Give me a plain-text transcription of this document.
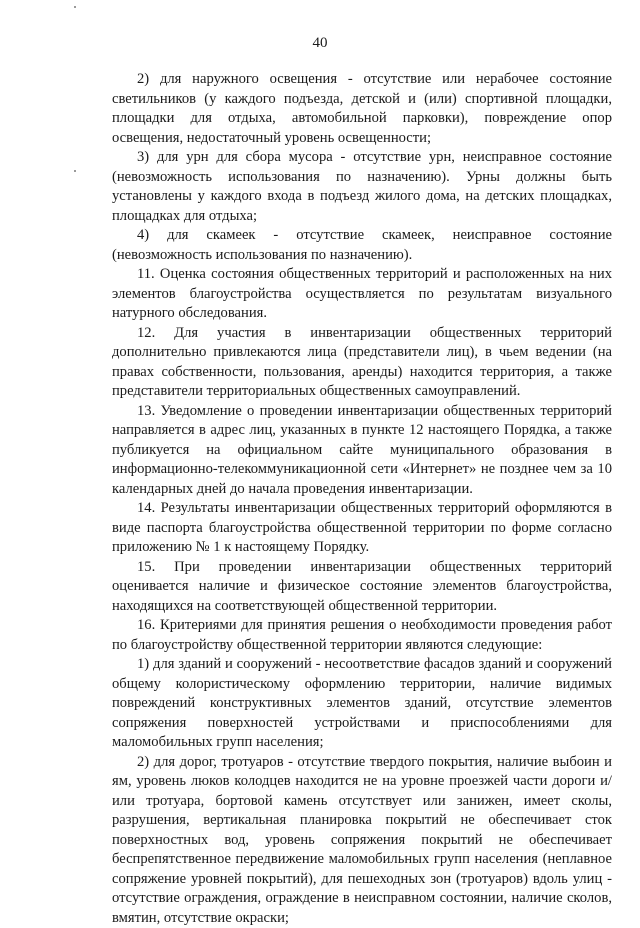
40

2) для наружного освещения - отсутствие или нерабочее состояние светильников (у каждого подъезда, детской и (или) спортивной площадки, площадки для отдыха, автомобильной парковки), повреждение опор освещения, недостаточный уровень освещенности;

3) для урн для сбора мусора - отсутствие урн, неисправное состояние (невозможность использования по назначению). Урны должны быть установлены у каждого входа в подъезд жилого дома, на детских площадках, площадках для отдыха;

4) для скамеек - отсутствие скамеек, неисправное состояние (невозможность использования по назначению).

11. Оценка состояния общественных территорий и расположенных на них элементов благоустройства осуществляется по результатам визуального натурного обследования.

12. Для участия в инвентаризации общественных территорий дополнительно привлекаются лица (представители лиц), в чьем ведении (на правах собственности, пользования, аренды) находится территория, а также представители территориальных общественных самоуправлений.

13. Уведомление о проведении инвентаризации общественных территорий направляется в адрес лиц, указанных в пункте 12 настоящего Порядка, а также публикуется на официальном сайте муниципального образования в информационно-телекоммуникационной сети «Интернет» не позднее чем за 10 календарных дней до начала проведения инвентаризации.

14. Результаты инвентаризации общественных территорий оформляются в виде паспорта благоустройства общественной территории по форме согласно приложению № 1 к настоящему Порядку.

15. При проведении инвентаризации общественных территорий оценивается наличие и физическое состояние элементов благоустройства, находящихся на соответствующей общественной территории.

16. Критериями для принятия решения о необходимости проведения работ по благоустройству общественной территории являются следующие:

1) для зданий и сооружений - несоответствие фасадов зданий и сооружений общему колористическому оформлению территории, наличие видимых повреждений конструктивных элементов зданий, отсутствие элементов сопряжения поверхностей устройствами и приспособлениями для маломобильных групп населения;

2) для дорог, тротуаров - отсутствие твердого покрытия, наличие выбоин и ям, уровень люков колодцев находится не на уровне проезжей части дороги и/или тротуара, бортовой камень отсутствует или занижен, имеет сколы, разрушения, вертикальная планировка покрытий не обеспечивает сток поверхностных вод, уровень сопряжения покрытий не обеспечивает беспрепятственное передвижение маломобильных групп населения (неплавное сопряжение уровней покрытий), для пешеходных зон (тротуаров) вдоль улиц - отсутствие ограждения, ограждение в неисправном состоянии, наличие сколов, вмятин, отсутствие окраски;
